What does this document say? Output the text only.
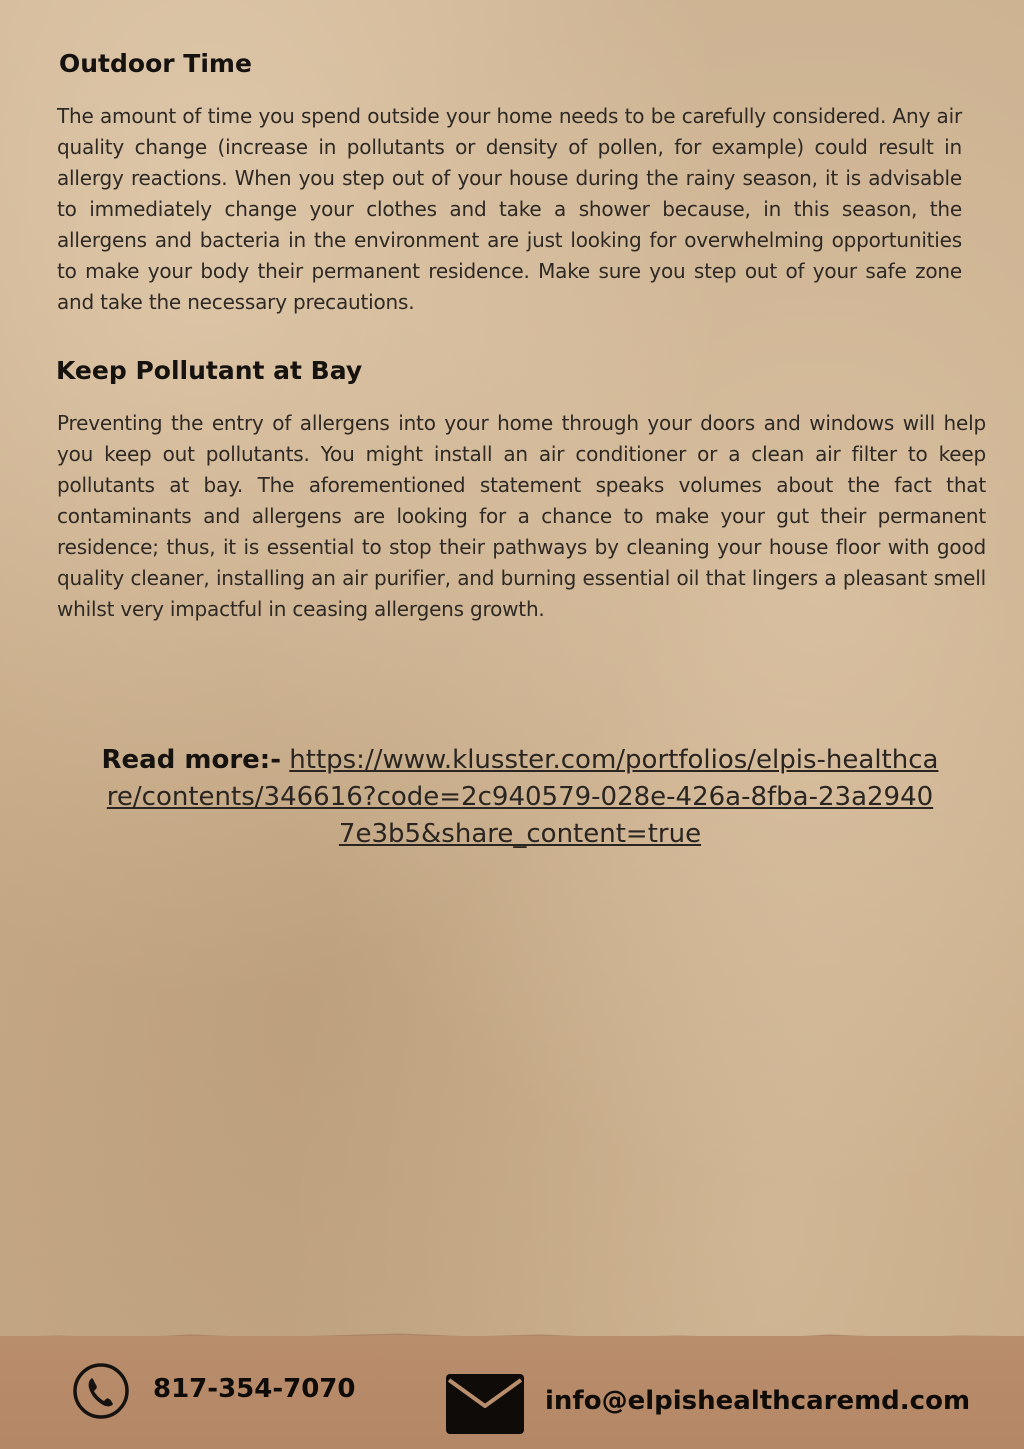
Outdoor Time

The amount of time you spend outside your home needs to be carefully considered. Any air quality change (increase in pollutants or density of pollen, for example) could result in allergy reactions. When you step out of your house during the rainy season, it is advisable to immediately change your clothes and take a shower because, in this season, the allergens and bacteria in the environment are just looking for overwhelming opportunities to make your body their permanent residence. Make sure you step out of your safe zone and take the necessary precautions.

Keep Pollutant at Bay

Preventing the entry of allergens into your home through your doors and windows will help you keep out pollutants. You might install an air conditioner or a clean air filter to keep pollutants at bay. The aforementioned statement speaks volumes about the fact that contaminants and allergens are looking for a chance to make your gut their permanent residence; thus, it is essential to stop their pathways by cleaning your house floor with good quality cleaner, installing an air purifier, and burning essential oil that lingers a pleasant smell whilst very impactful in ceasing allergens growth.

Read more:- https://www.klusster.com/portfolios/elpis-healthcare/contents/346616?code=2c940579-028e-426a-8fba-23a29407e3b5&share_content=true
817-354-7070	info@elpishealthcaremd.com
